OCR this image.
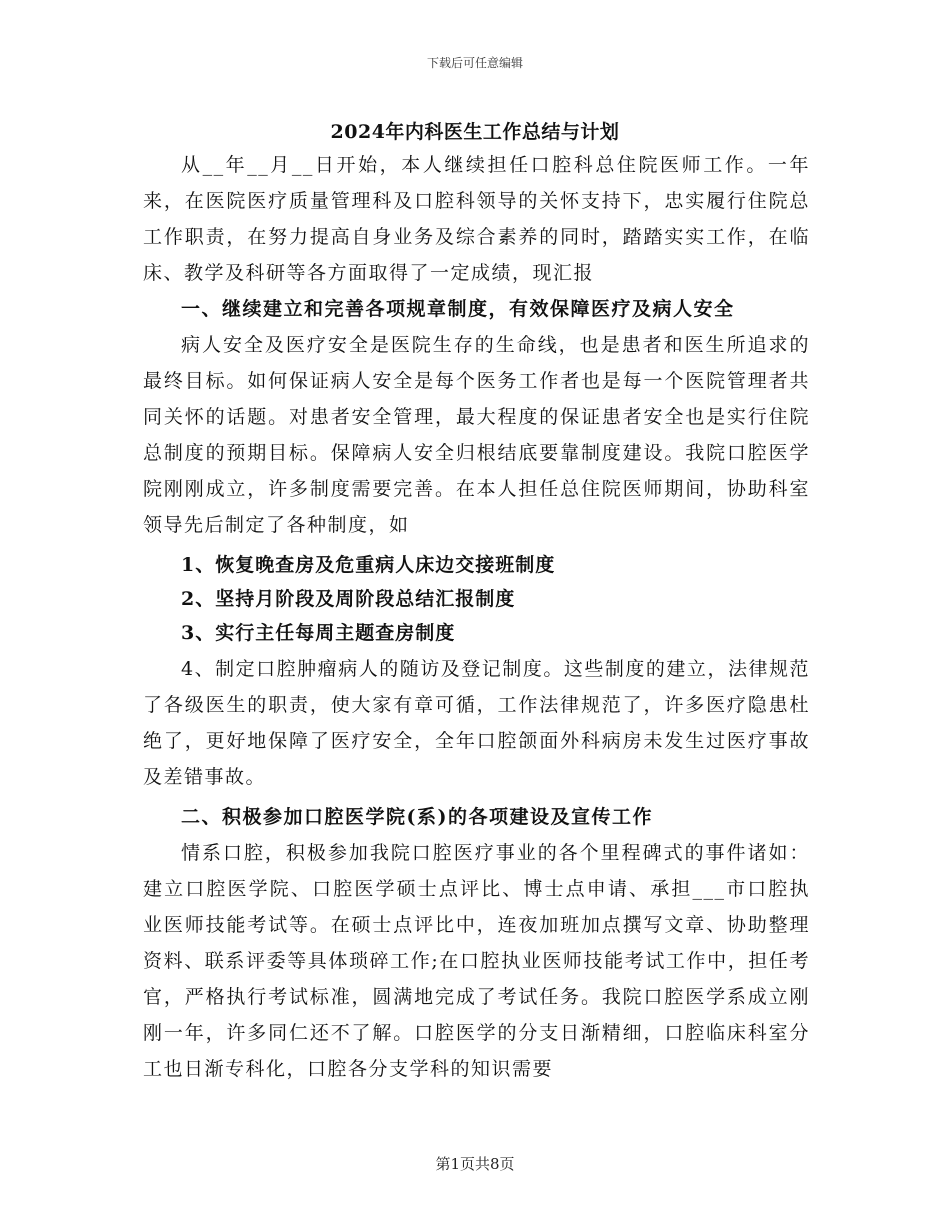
下载后可任意编辑
2024年内科医生工作总结与计划

从__年__月__日开始，本人继续担任口腔科总住院医师工作。一年来，在医院医疗质量管理科及口腔科领导的关怀支持下，忠实履行住院总工作职责，在努力提高自身业务及综合素养的同时，踏踏实实工作，在临床、教学及科研等各方面取得了一定成绩，现汇报

一、继续建立和完善各项规章制度，有效保障医疗及病人安全

病人安全及医疗安全是医院生存的生命线，也是患者和医生所追求的最终目标。如何保证病人安全是每个医务工作者也是每一个医院管理者共同关怀的话题。对患者安全管理，最大程度的保证患者安全也是实行住院总制度的预期目标。保障病人安全归根结底要靠制度建设。我院口腔医学院刚刚成立，许多制度需要完善。在本人担任总住院医师期间，协助科室领导先后制定了各种制度，如

1、恢复晚查房及危重病人床边交接班制度

2、坚持月阶段及周阶段总结汇报制度

3、实行主任每周主题查房制度

4、制定口腔肿瘤病人的随访及登记制度。这些制度的建立，法律规范了各级医生的职责，使大家有章可循，工作法律规范了，许多医疗隐患杜绝了，更好地保障了医疗安全，全年口腔颌面外科病房未发生过医疗事故及差错事故。

二、积极参加口腔医学院(系)的各项建设及宣传工作

情系口腔，积极参加我院口腔医疗事业的各个里程碑式的事件诸如：建立口腔医学院、口腔医学硕士点评比、博士点申请、承担___市口腔执业医师技能考试等。在硕士点评比中，连夜加班加点撰写文章、协助整理资料、联系评委等具体琐碎工作;在口腔执业医师技能考试工作中，担任考官，严格执行考试标准，圆满地完成了考试任务。我院口腔医学系成立刚刚一年，许多同仁还不了解。口腔医学的分支日渐精细，口腔临床科室分工也日渐专科化，口腔各分支学科的知识需要

第1页共8页
